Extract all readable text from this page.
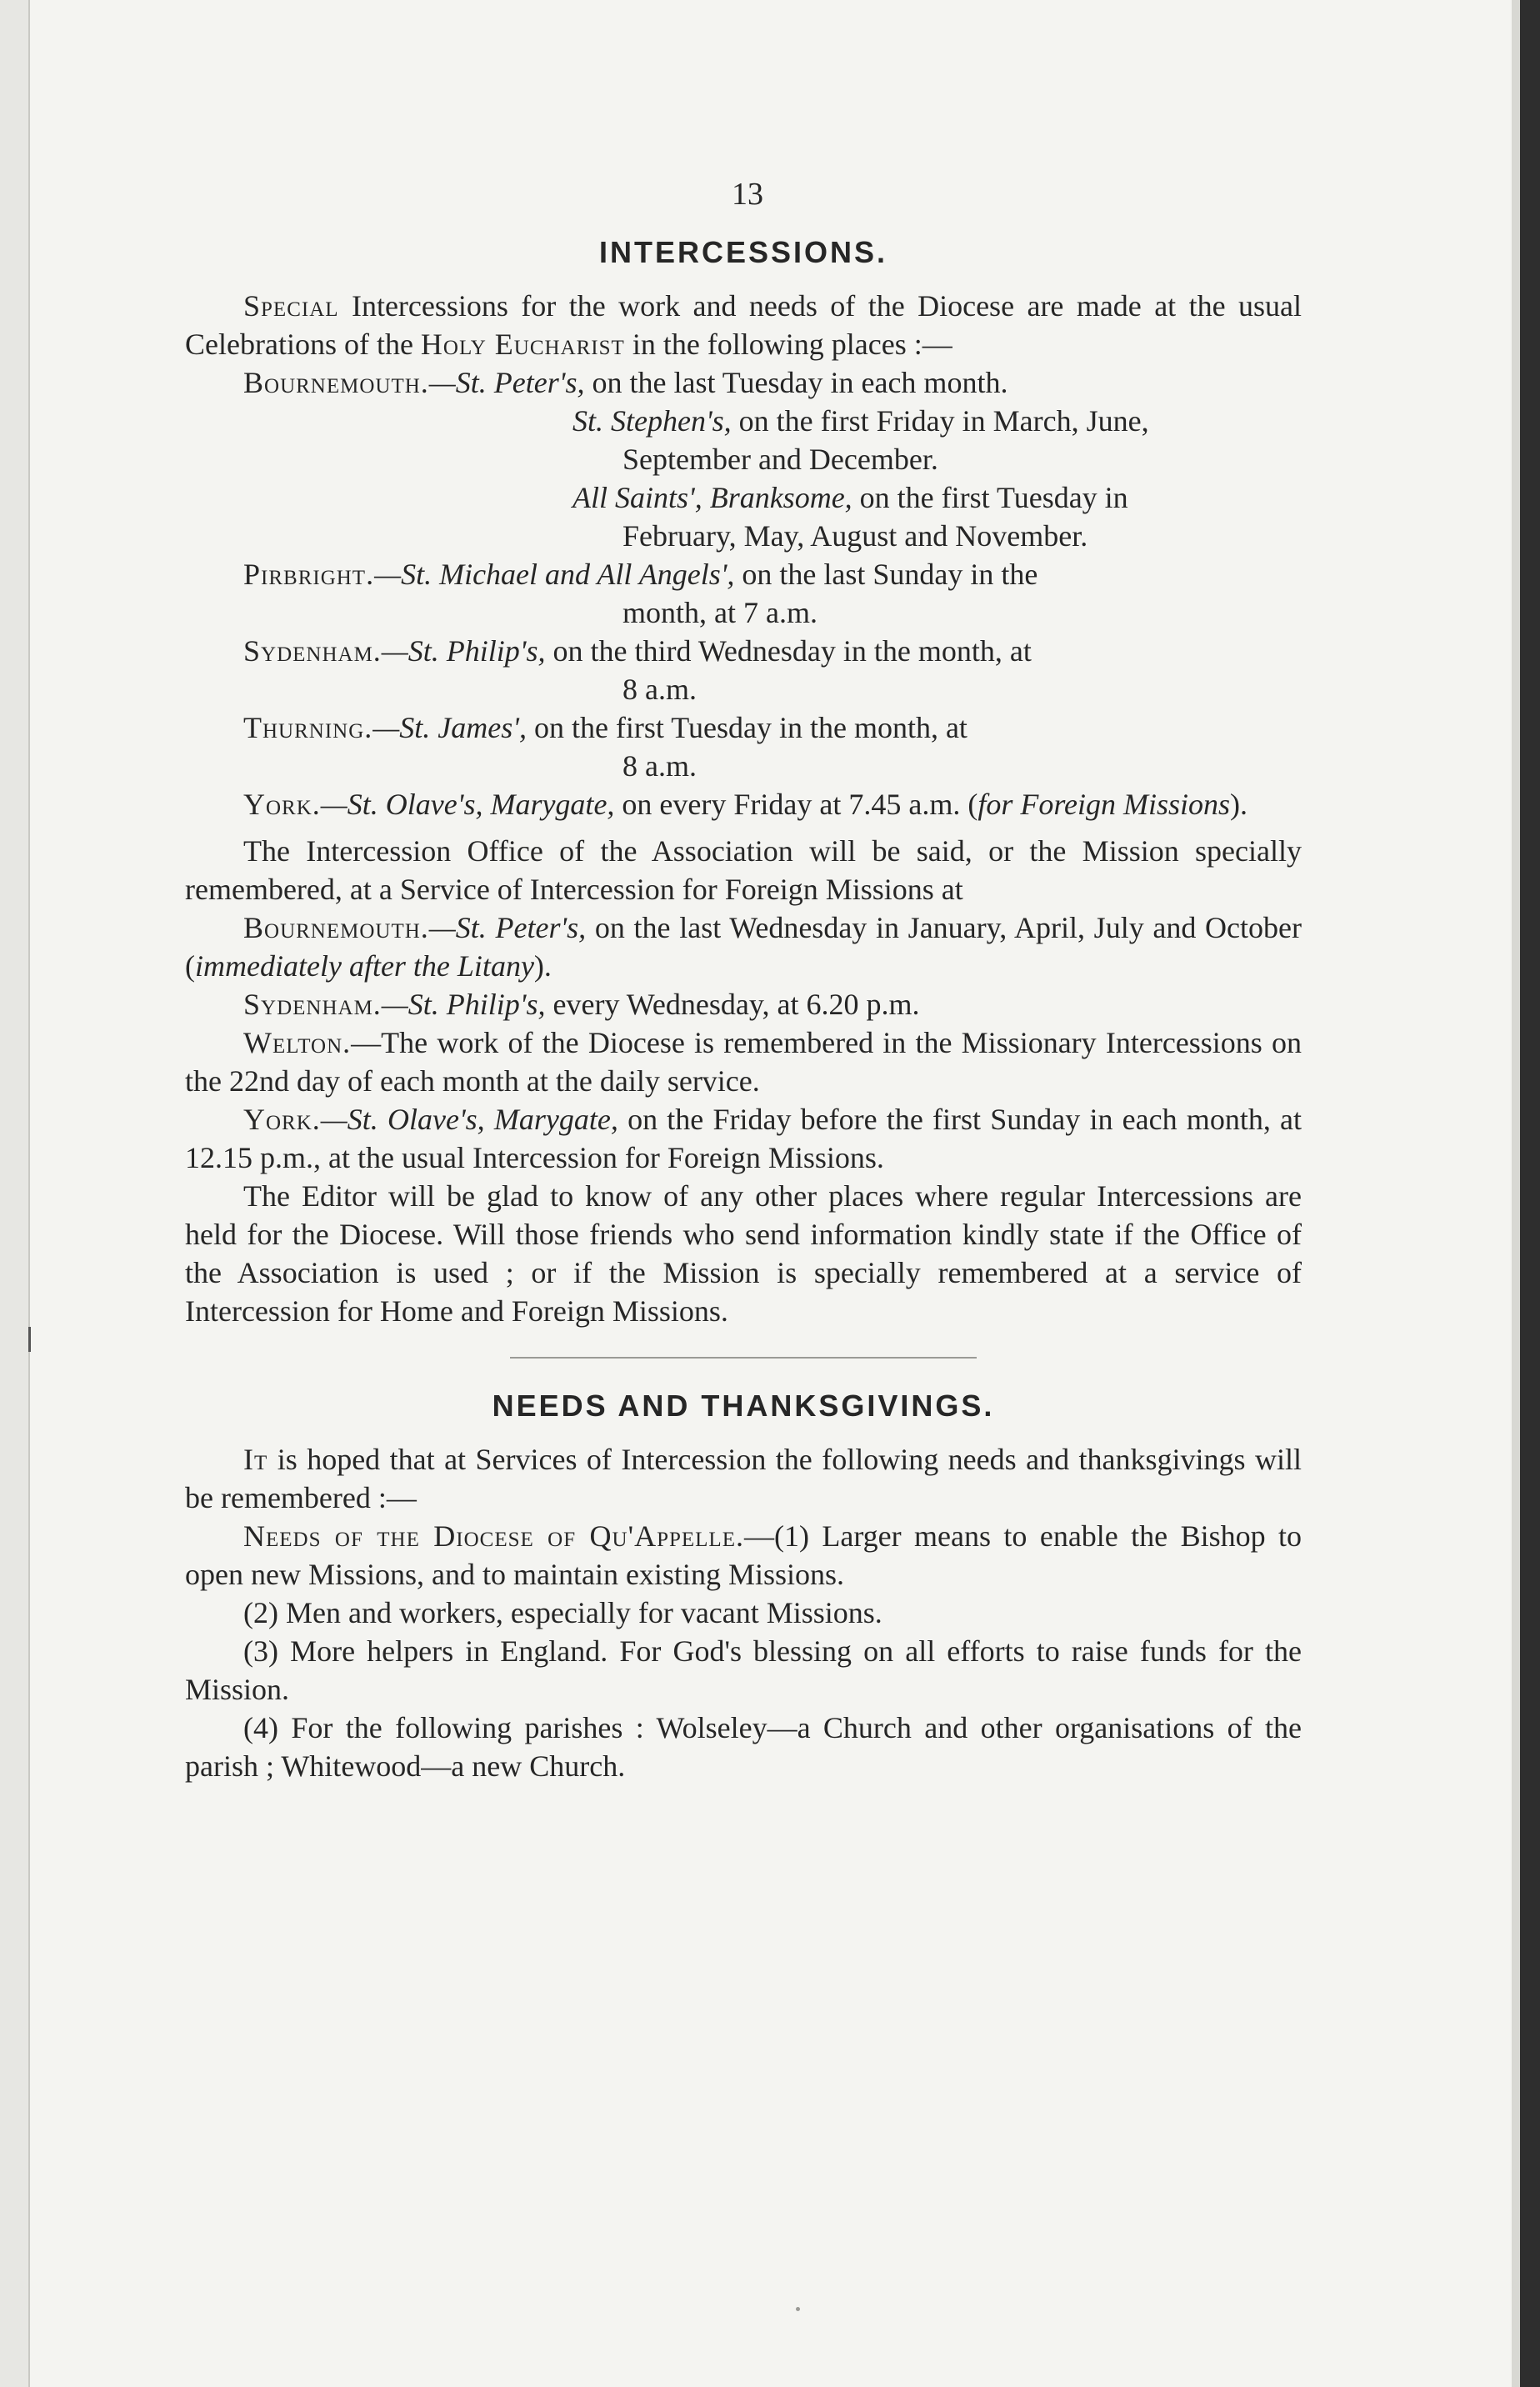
13
INTERCESSIONS.

Special Intercessions for the work and needs of the Diocese are made at the usual Celebrations of the Holy Eucharist in the following places :—

Bournemouth.—St. Peter's, on the last Tuesday in each month.
St. Stephen's, on the first Friday in March, June,
September and December.
All Saints', Branksome, on the first Tuesday in
February, May, August and November.

Pirbright.—St. Michael and All Angels', on the last Sunday in the
month, at 7 a.m.

Sydenham.—St. Philip's, on the third Wednesday in the month, at
8 a.m.

Thurning.—St. James', on the first Tuesday in the month, at
8 a.m.

York.—St. Olave's, Marygate, on every Friday at 7.45 a.m. (for Foreign Missions).

The Intercession Office of the Association will be said, or the Mission specially remembered, at a Service of Intercession for Foreign Missions at

Bournemouth.—St. Peter's, on the last Wednesday in January, April, July and October (immediately after the Litany).

Sydenham.—St. Philip's, every Wednesday, at 6.20 p.m.

Welton.—The work of the Diocese is remembered in the Missionary Intercessions on the 22nd day of each month at the daily service.

York.—St. Olave's, Marygate, on the Friday before the first Sunday in each month, at 12.15 p.m., at the usual Intercession for Foreign Missions.

The Editor will be glad to know of any other places where regular Intercessions are held for the Diocese. Will those friends who send information kindly state if the Office of the Association is used ; or if the Mission is specially remembered at a service of Intercession for Home and Foreign Missions.

NEEDS AND THANKSGIVINGS.

It is hoped that at Services of Intercession the following needs and thanksgivings will be remembered :—

Needs of the Diocese of Qu'Appelle.—(1) Larger means to enable the Bishop to open new Missions, and to maintain existing Missions.

(2) Men and workers, especially for vacant Missions.

(3) More helpers in England. For God's blessing on all efforts to raise funds for the Mission.

(4) For the following parishes : Wolseley—a Church and other organisations of the parish ; Whitewood—a new Church.
